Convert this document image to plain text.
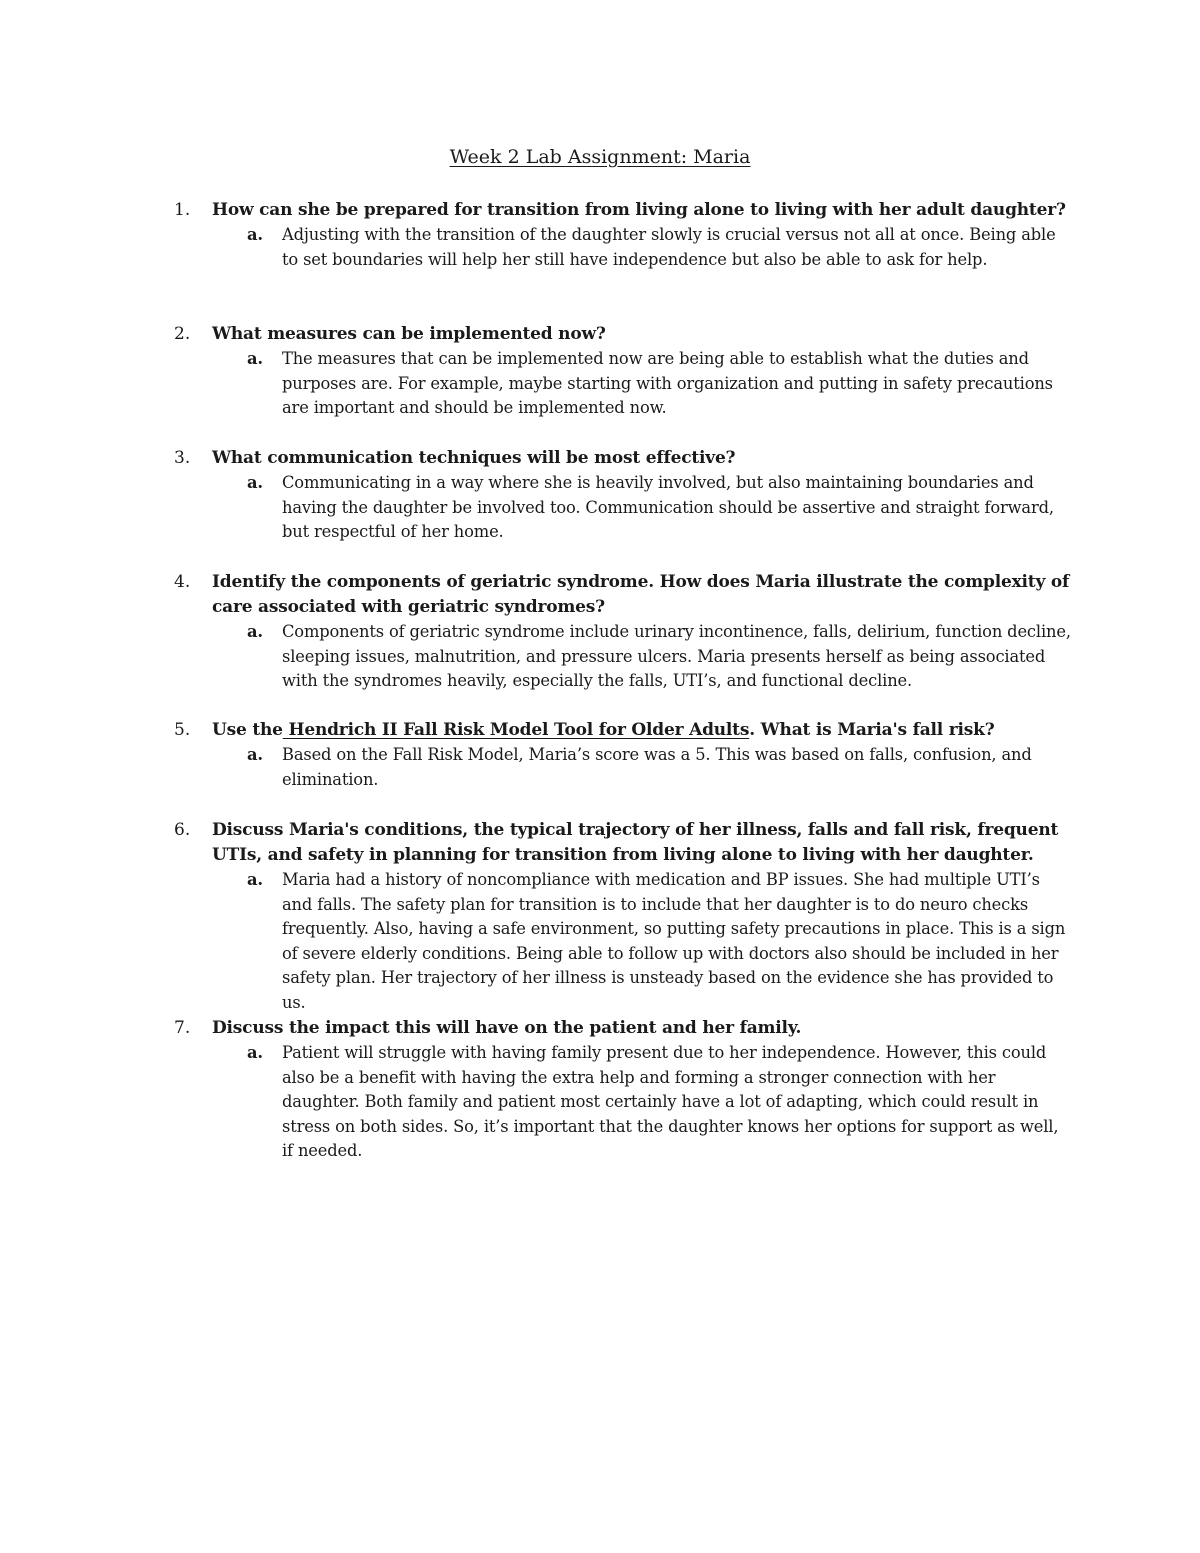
Week 2 Lab Assignment: Maria
1. How can she be prepared for transition from living alone to living with her adult daughter?
a. Adjusting with the transition of the daughter slowly is crucial versus not all at once. Being able to set boundaries will help her still have independence but also be able to ask for help.
2. What measures can be implemented now?
a. The measures that can be implemented now are being able to establish what the duties and purposes are. For example, maybe starting with organization and putting in safety precautions are important and should be implemented now.
3. What communication techniques will be most effective?
a. Communicating in a way where she is heavily involved, but also maintaining boundaries and having the daughter be involved too. Communication should be assertive and straight forward, but respectful of her home.
4. Identify the components of geriatric syndrome. How does Maria illustrate the complexity of care associated with geriatric syndromes?
a. Components of geriatric syndrome include urinary incontinence, falls, delirium, function decline, sleeping issues, malnutrition, and pressure ulcers. Maria presents herself as being associated with the syndromes heavily, especially the falls, UTI’s, and functional decline.
5. Use the Hendrich II Fall Risk Model Tool for Older Adults. What is Maria's fall risk?
a. Based on the Fall Risk Model, Maria’s score was a 5. This was based on falls, confusion, and elimination.
6. Discuss Maria's conditions, the typical trajectory of her illness, falls and fall risk, frequent UTIs, and safety in planning for transition from living alone to living with her daughter.
a. Maria had a history of noncompliance with medication and BP issues. She had multiple UTI’s and falls. The safety plan for transition is to include that her daughter is to do neuro checks frequently. Also, having a safe environment, so putting safety precautions in place. This is a sign of severe elderly conditions. Being able to follow up with doctors also should be included in her safety plan. Her trajectory of her illness is unsteady based on the evidence she has provided to us.
7. Discuss the impact this will have on the patient and her family.
a. Patient will struggle with having family present due to her independence. However, this could also be a benefit with having the extra help and forming a stronger connection with her daughter. Both family and patient most certainly have a lot of adapting, which could result in stress on both sides. So, it’s important that the daughter knows her options for support as well, if needed.
